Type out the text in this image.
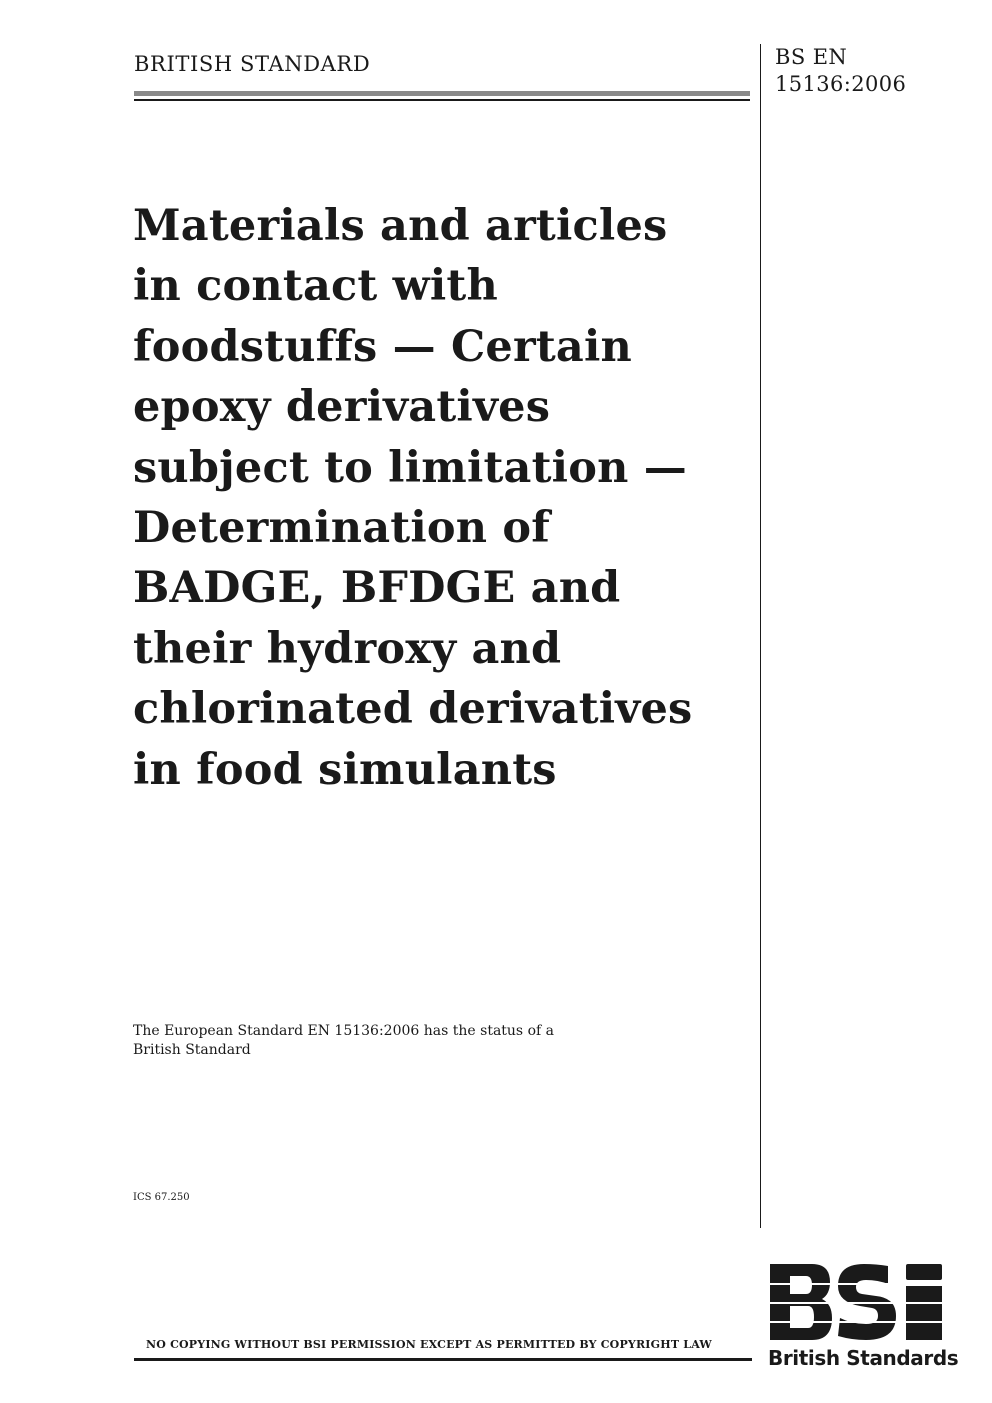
BRITISH STANDARD	BS EN
15136:2006
Materials and articles
in contact with
foodstuffs — Certain
epoxy derivatives
subject to limitation —
Determination of
BADGE, BFDGE and
their hydroxy and
chlorinated derivatives
in food simulants
The European Standard EN 15136:2006 has the status of a
British Standard
ICS 67.250
NO COPYING WITHOUT BSI PERMISSION EXCEPT AS PERMITTED BY COPYRIGHT LAW
British Standards
